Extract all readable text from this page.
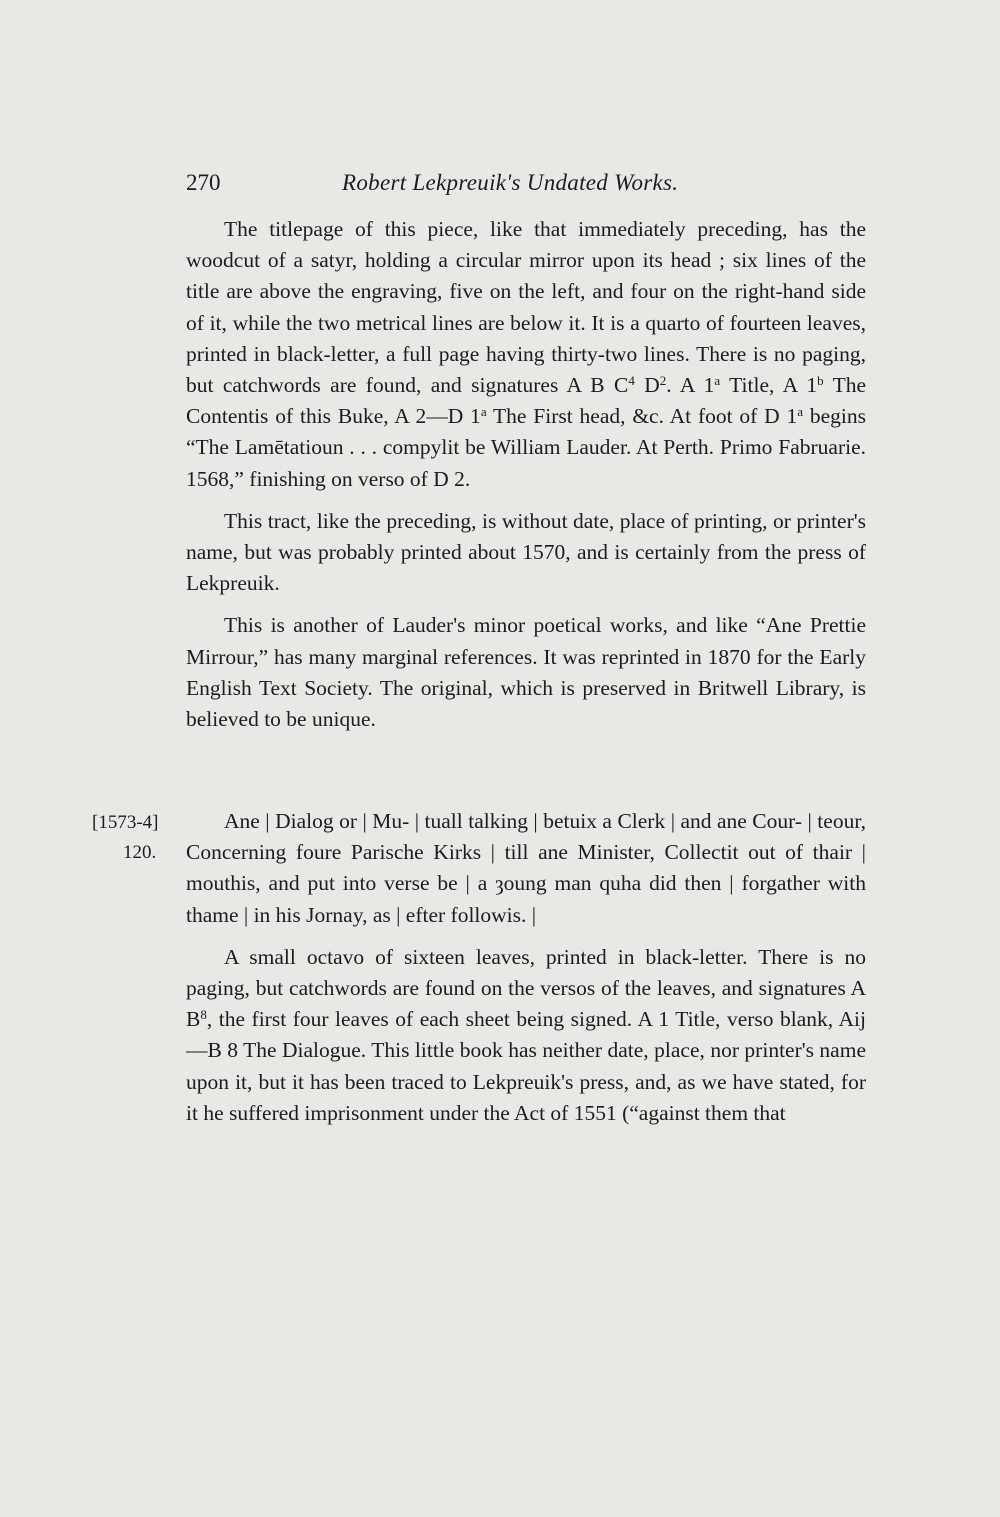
270	Robert Lekpreuik's Undated Works.

The titlepage of this piece, like that immediately preceding, has the woodcut of a satyr, holding a circular mirror upon its head ; six lines of the title are above the engraving, five on the left, and four on the right-hand side of it, while the two metrical lines are below it. It is a quarto of fourteen leaves, printed in black-letter, a full page having thirty-two lines. There is no paging, but catchwords are found, and signatures A B $C^4$ $D^2$. A 1$^a$ Title, A 1$^b$ The Contentis of this Buke, A 2—D 1$^a$ The First head, &c. At foot of D 1$^a$ begins “The Lamētatioun . . . compylit be William Lauder. At Perth. Primo Fabruarie. 1568,” finishing on verso of D 2.

This tract, like the preceding, is without date, place of printing, or printer's name, but was probably printed about 1570, and is certainly from the press of Lekpreuik.

This is another of Lauder's minor poetical works, and like “Ane Prettie Mirrour,” has many marginal references. It was reprinted in 1870 for the Early English Text Society. The original, which is preserved in Britwell Library, is believed to be unique.

[1573-4]
120.

Ane | Dialog or | Mu- | tuall talking | betuix a Clerk | and ane Cour- | teour, Concerning foure Parische Kirks | till ane Minister, Collectit out of thair | mouthis, and put into verse be | a ȝoung man quha did then | forgather with thame | in his Jornay, as | efter followis. |

A small octavo of sixteen leaves, printed in black-letter. There is no paging, but catchwords are found on the versos of the leaves, and signatures A $B^8$, the first four leaves of each sheet being signed. A 1 Title, verso blank, Aij—B 8 The Dialogue. This little book has neither date, place, nor printer's name upon it, but it has been traced to Lekpreuik's press, and, as we have stated, for it he suffered imprisonment under the Act of 1551 (“against them that
